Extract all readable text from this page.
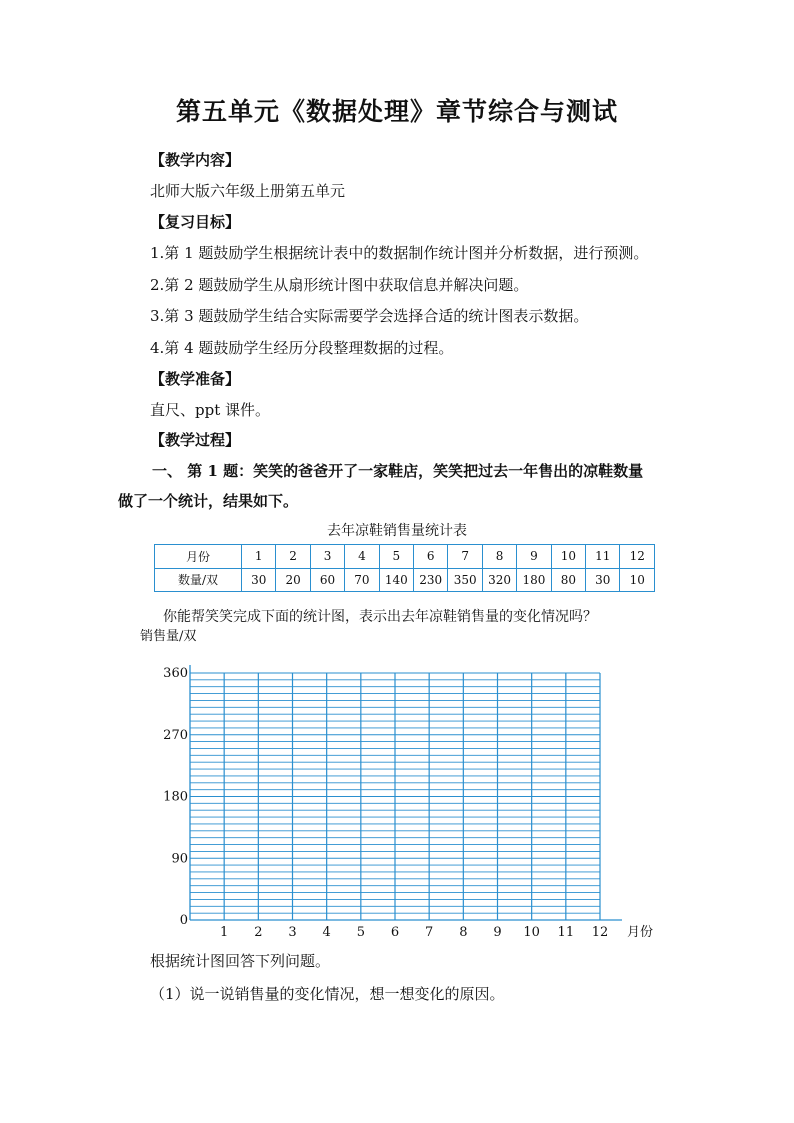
第五单元《数据处理》章节综合与测试
【教学内容】
北师大版六年级上册第五单元
【复习目标】
1.第 1 题鼓励学生根据统计表中的数据制作统计图并分析数据，进行预测。
2.第 2 题鼓励学生从扇形统计图中获取信息并解决问题。
3.第 3 题鼓励学生结合实际需要学会选择合适的统计图表示数据。
4.第 4 题鼓励学生经历分段整理数据的过程。
【教学准备】
直尺、ppt 课件。
【教学过程】
一、 第 1 题：笑笑的爸爸开了一家鞋店，笑笑把过去一年售出的凉鞋数量
做了一个统计，结果如下。
去年凉鞋销售量统计表
月份	1	2	3	4	5	6	7	8	9	10	11	12
数量/双	30	20	60	70	140	230	350	320	180	80	30	10
你能帮笑笑完成下面的统计图，表示出去年凉鞋销售量的变化情况吗？
销售量/双
月份
0
90
180
270
360
1 2 3 4 5 6 7 8 9 10 11 12
根据统计图回答下列问题。
（1）说一说销售量的变化情况，想一想变化的原因。
